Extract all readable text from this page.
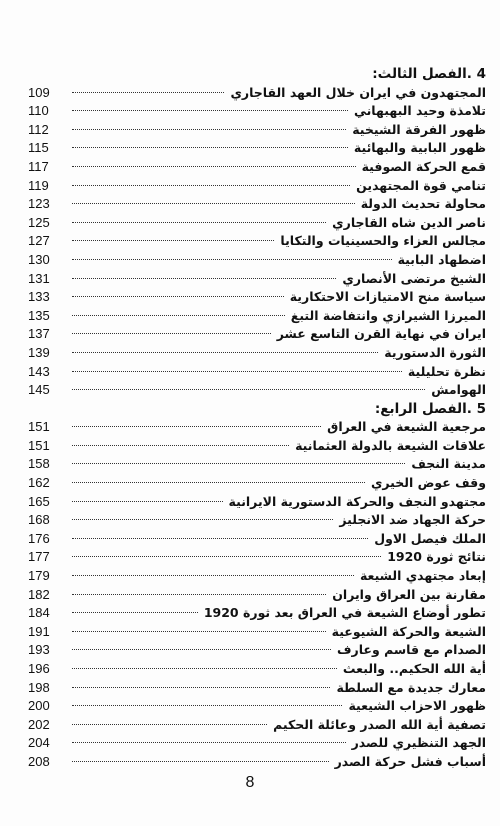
4 .الفصل الثالث:
109	المجتهدون في ايران خلال العهد القاجاري
110	تلامذة وحيد البهبهاني
112	ظهور الفرقة الشيخية
115	ظهور البابية والبهائية
117	قمع الحركة الصوفية
119	تنامي قوة المجتهدين
123	محاولة تحديث الدولة
125	ناصر الدين شاه القاجاري
127	مجالس العزاء والحسينيات والتكايا
130	اضطهاد البابية
131	الشيخ مرتضى الأنصاري
133	سياسة منح الامتيازات الاحتكارية
135	الميرزا الشيرازي وانتفاضة التبغ
137	ايران في نهاية القرن التاسع عشر
139	الثورة الدستورية
143	نظرة تحليلية
145	الهوامش
5 .الفصل الرابع:
151	مرجعية الشيعة في العراق
151	علاقات الشيعة بالدولة العثمانية
158	مدينة النجف
162	وقف عوض الخيري
165	مجتهدو النجف والحركة الدستورية الايرانية
168	حركة الجهاد ضد الانجليز
176	الملك فيصل الاول
177	نتائج ثورة 1920
179	إبعاد مجتهدي الشيعة
182	مقارنة بين العراق وايران
184	تطور أوضاع الشيعة في العراق بعد ثورة 1920
191	الشيعة والحركة الشيوعية
193	الصدام مع قاسم وعارف
196	أية الله الحكيم.. والبعث
198	معارك جديدة مع السلطة
200	ظهور الاحزاب الشيعية
202	تصفية أية الله الصدر وعائلة الحكيم
204	الجهد التنظيري للصدر
208	أسباب فشل حركة الصدر
8
